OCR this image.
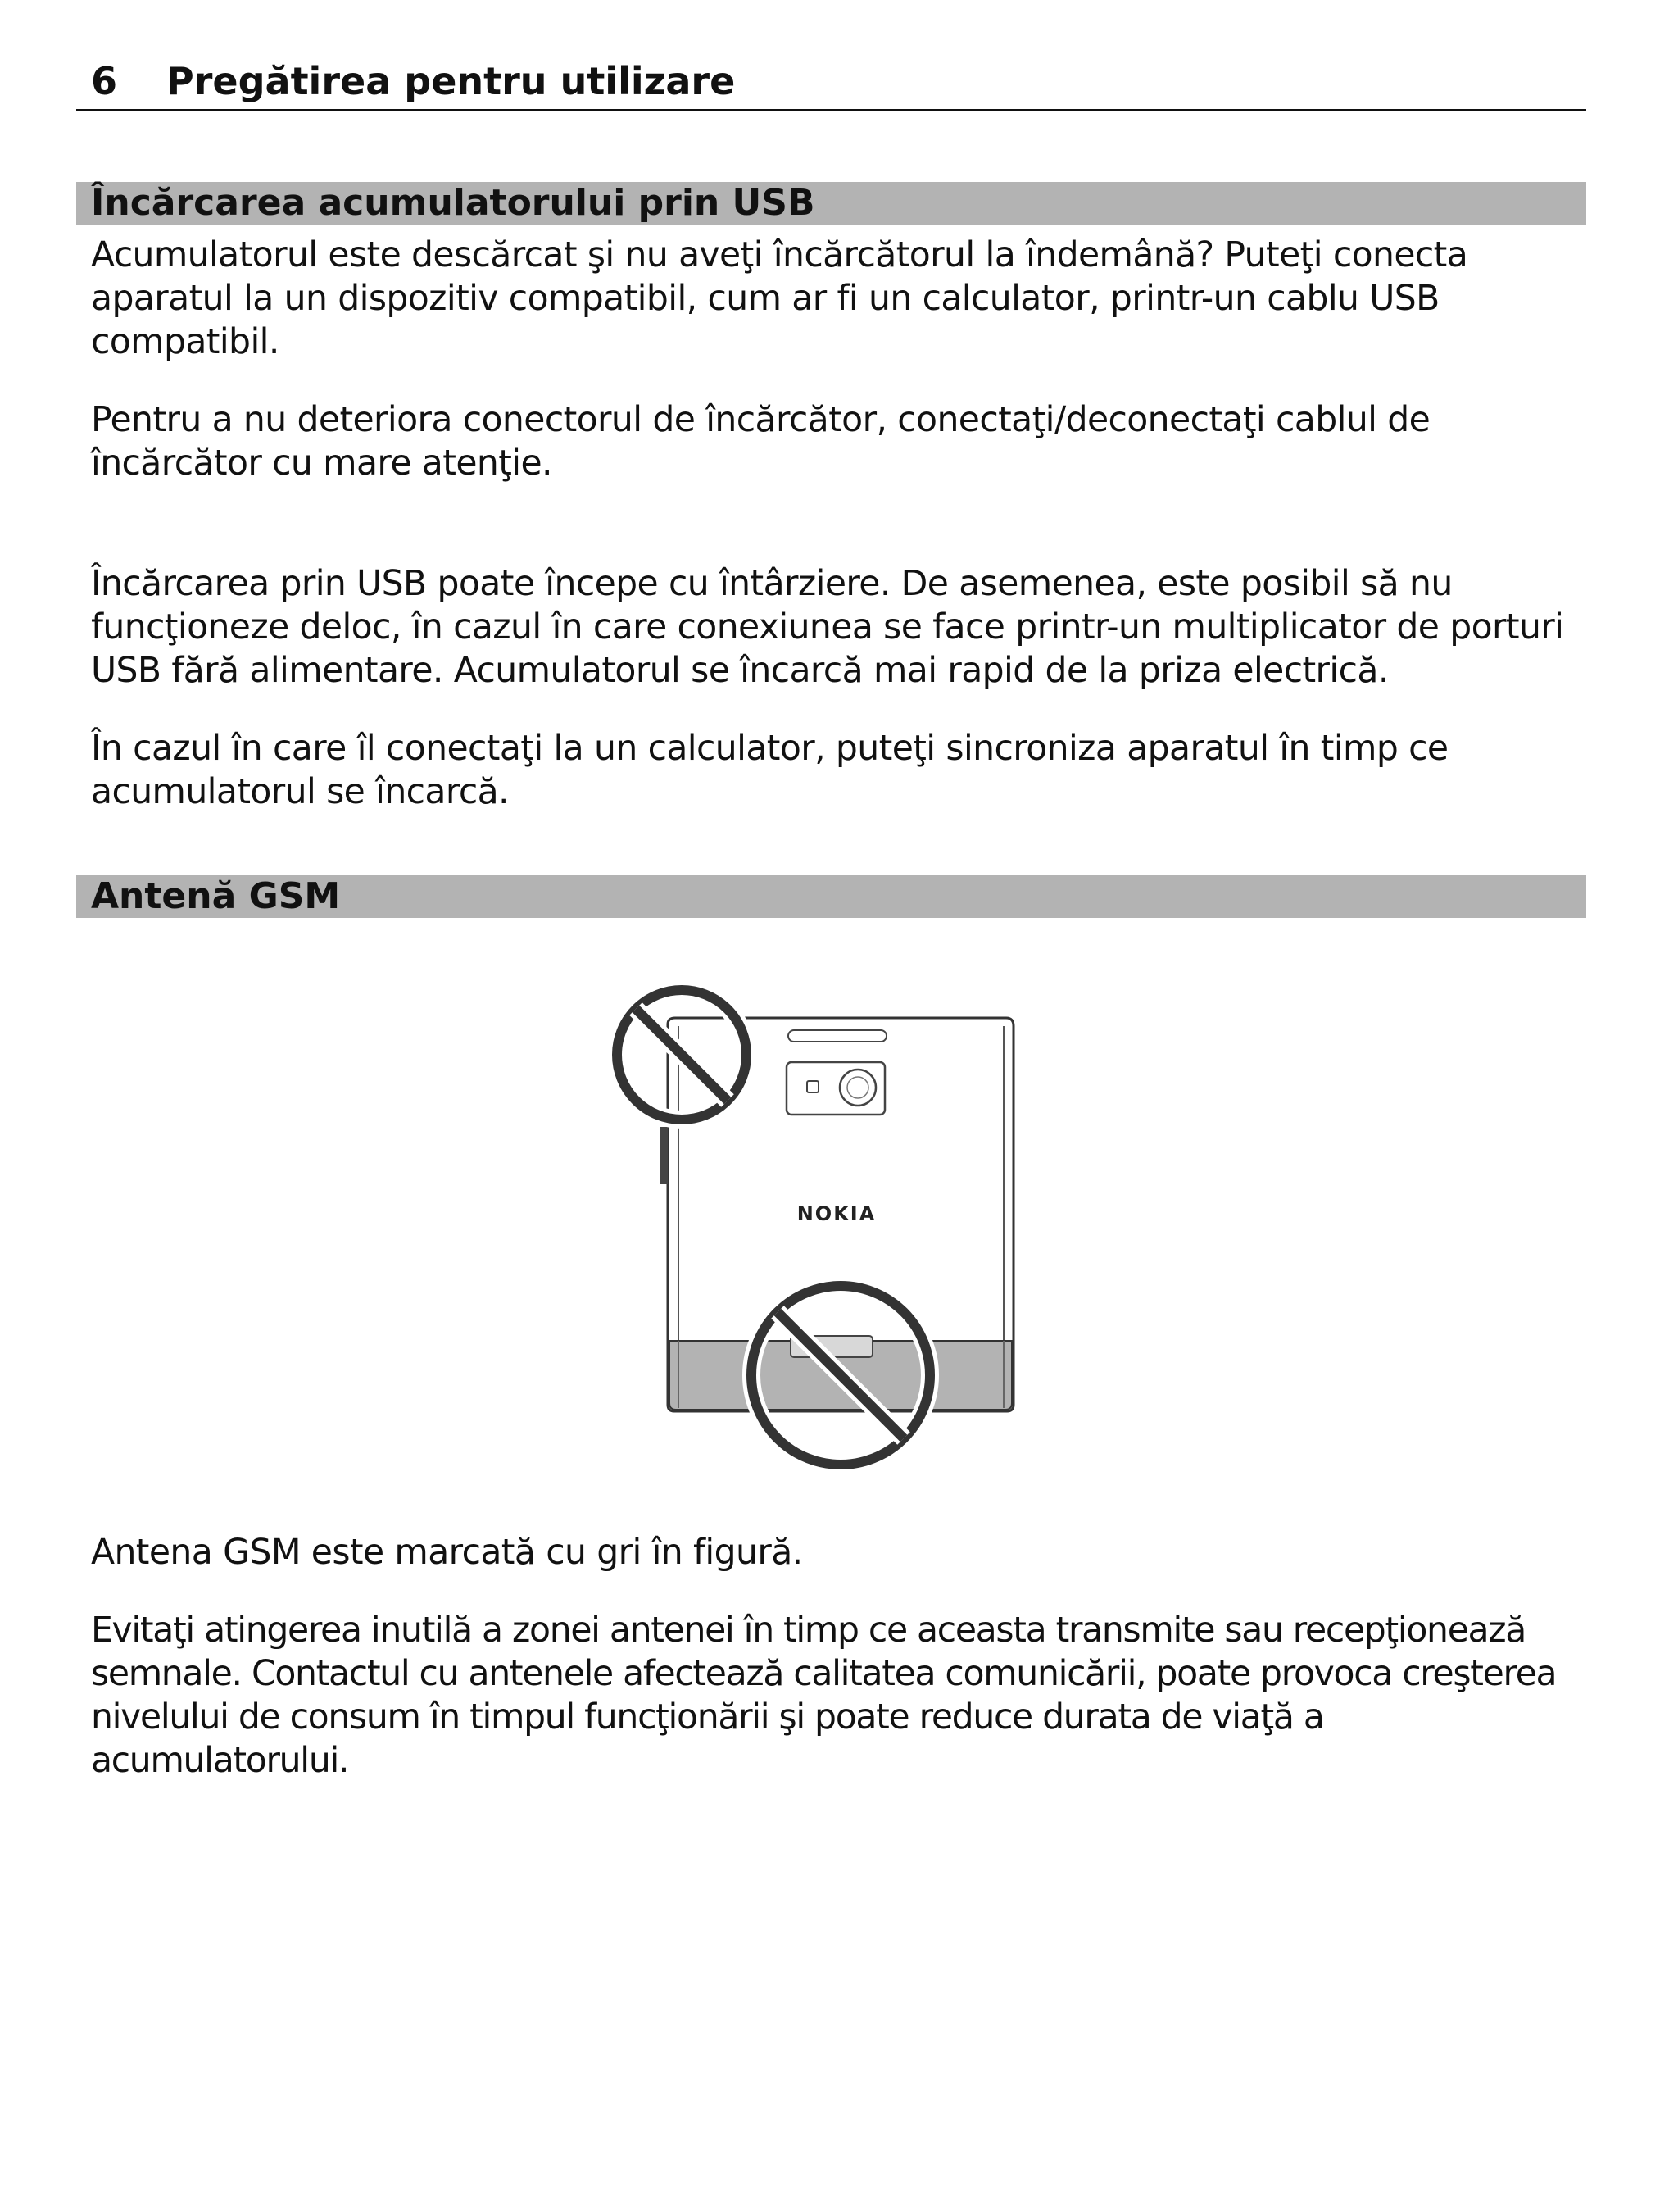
6 Pregătirea pentru utilizare
Încărcarea acumulatorului prin USB

Acumulatorul este descărcat şi nu aveţi încărcătorul la îndemână? Puteţi conecta aparatul la un dispozitiv compatibil, cum ar fi un calculator, printr-un cablu USB compatibil.

Pentru a nu deteriora conectorul de încărcător, conectaţi/deconectaţi cablul de încărcător cu mare atenţie.

Încărcarea prin USB poate începe cu întârziere. De asemenea, este posibil să nu funcţioneze deloc, în cazul în care conexiunea se face printr-un multiplicator de porturi USB fără alimentare. Acumulatorul se încarcă mai rapid de la priza electrică.

În cazul în care îl conectaţi la un calculator, puteţi sincroniza aparatul în timp ce acumulatorul se încarcă.

Antenă GSM
NOKIA

Antena GSM este marcată cu gri în figură.

Evitaţi atingerea inutilă a zonei antenei în timp ce aceasta transmite sau recepţionează semnale. Contactul cu antenele afectează calitatea comunicării, poate provoca creşterea nivelului de consum în timpul funcţionării şi poate reduce durata de viaţă a acumulatorului.
